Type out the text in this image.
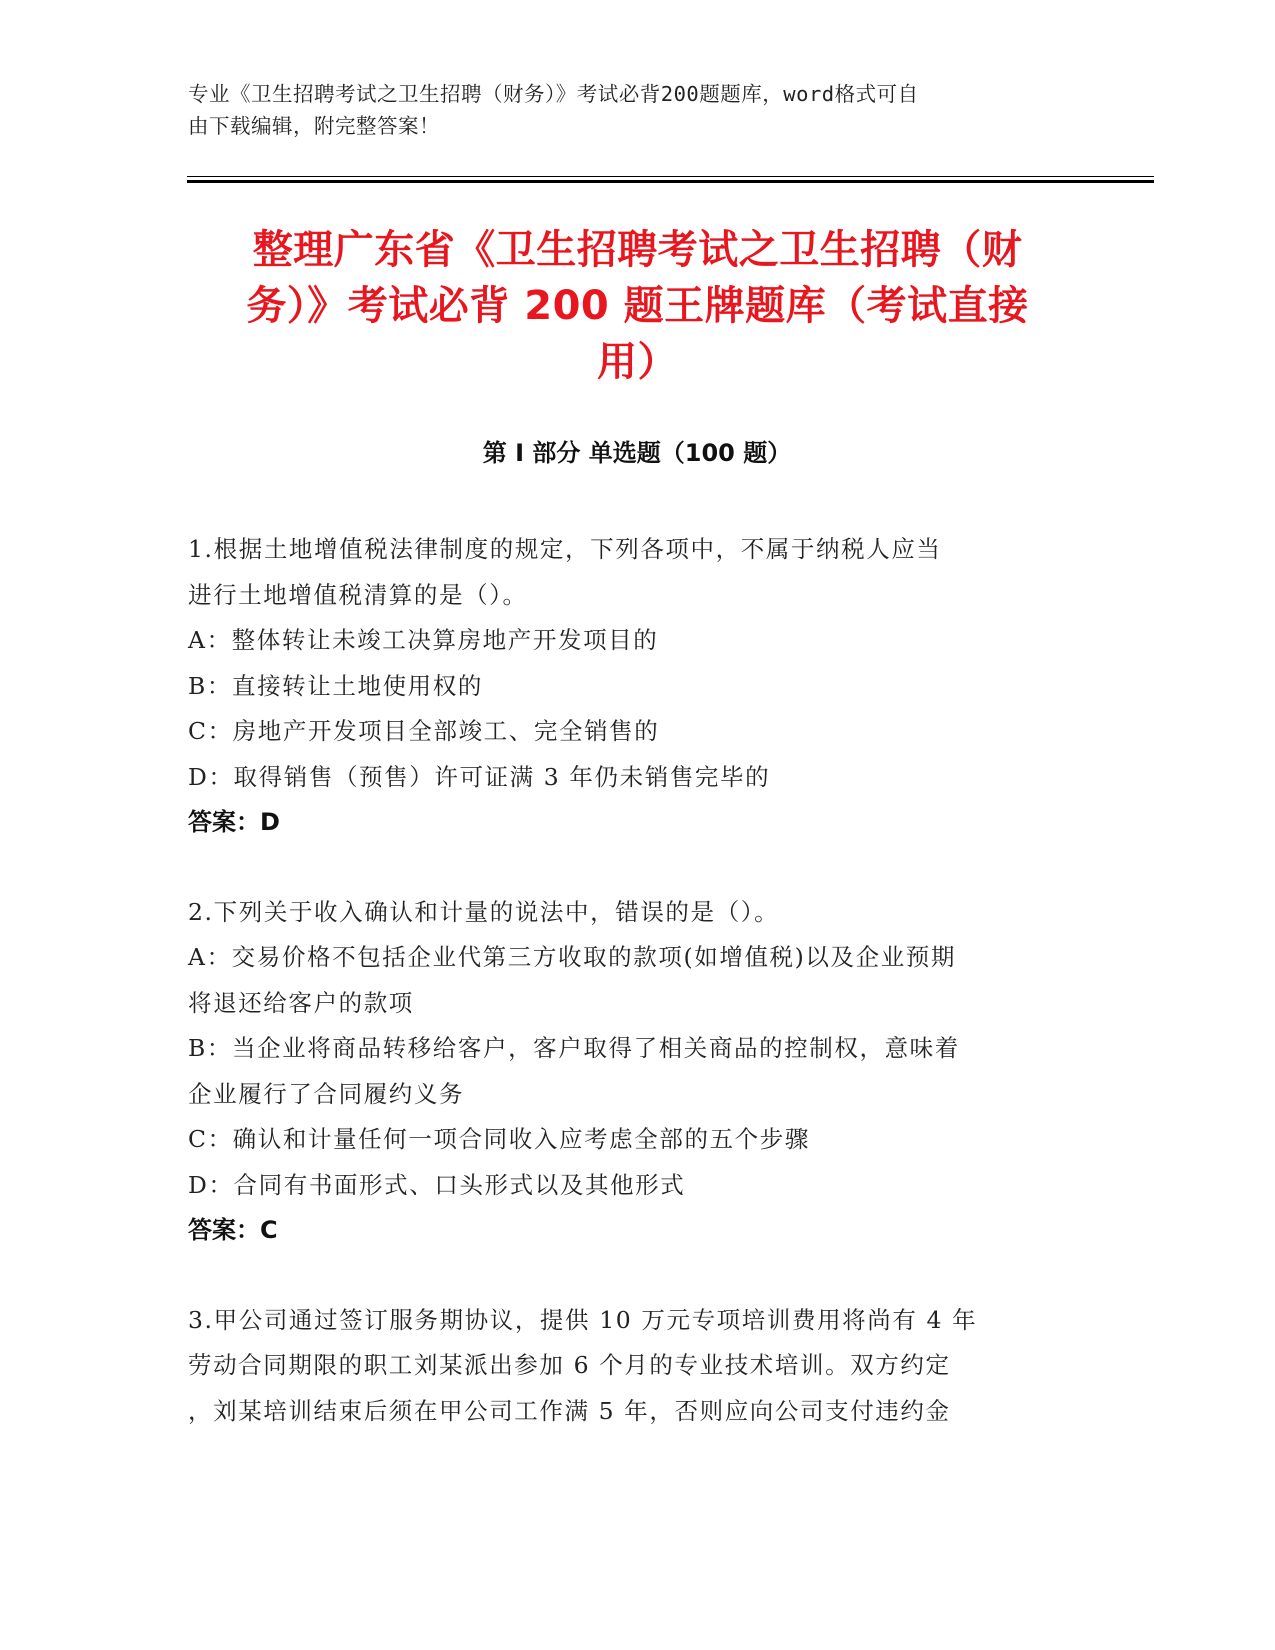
专业《卫生招聘考试之卫生招聘（财务）》考试必背200题题库，word格式可自
由下载编辑，附完整答案！
整理广东省《卫生招聘考试之卫生招聘（财
务）》考试必背 200 题王牌题库（考试直接
用）
第 I 部分 单选题（100 题）
1.根据土地增值税法律制度的规定，下列各项中，不属于纳税人应当
进行土地增值税清算的是（）。
A：整体转让未竣工决算房地产开发项目的
B：直接转让土地使用权的
C：房地产开发项目全部竣工、完全销售的
D：取得销售（预售）许可证满 3 年仍未销售完毕的
答案：D
2.下列关于收入确认和计量的说法中，错误的是（）。
A：交易价格不包括企业代第三方收取的款项(如增值税)以及企业预期
将退还给客户的款项
B：当企业将商品转移给客户，客户取得了相关商品的控制权，意味着
企业履行了合同履约义务
C：确认和计量任何一项合同收入应考虑全部的五个步骤
D：合同有书面形式、口头形式以及其他形式
答案：C
3.甲公司通过签订服务期协议，提供 10 万元专项培训费用将尚有 4 年
劳动合同期限的职工刘某派出参加 6 个月的专业技术培训。双方约定
，刘某培训结束后须在甲公司工作满 5 年，否则应向公司支付违约金
